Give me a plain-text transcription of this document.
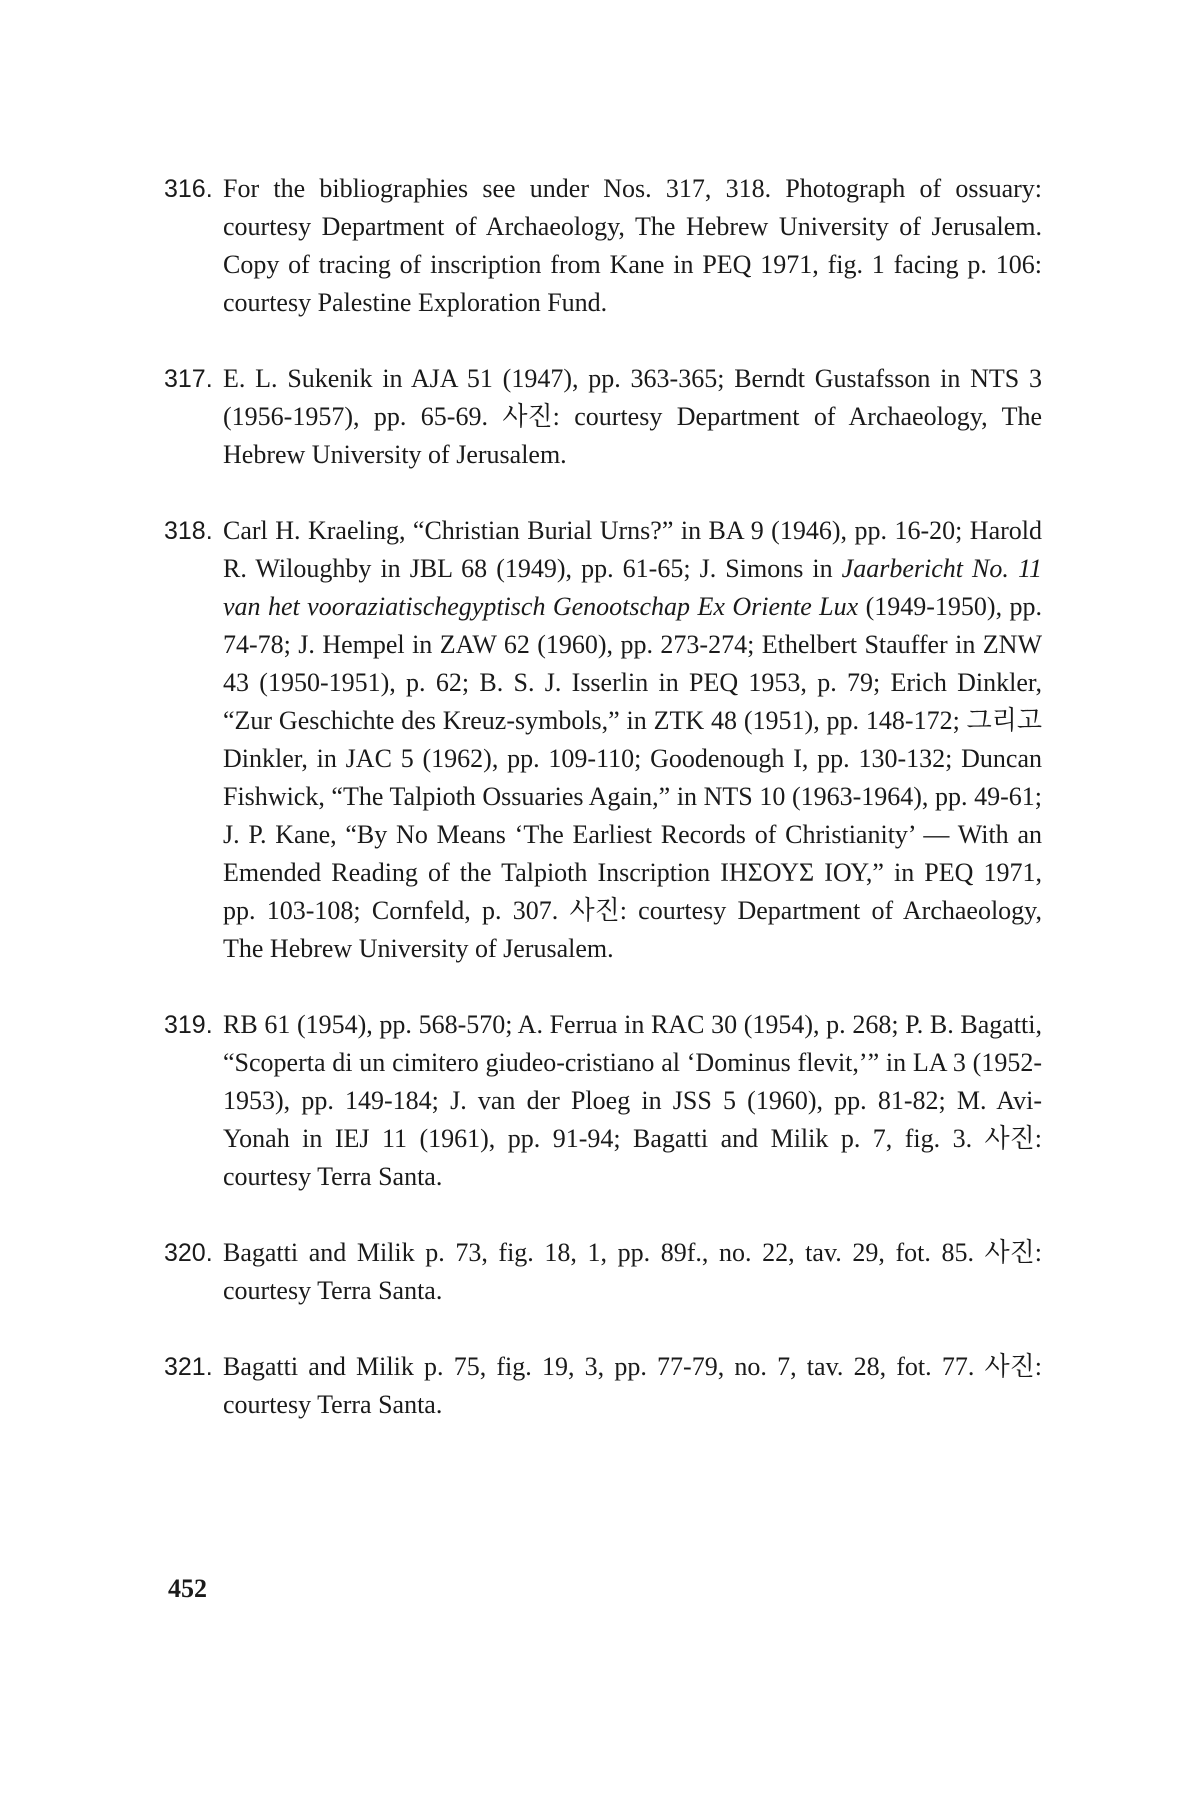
316. For the bibliographies see under Nos. 317, 318. Photograph of ossuary: courtesy Department of Archaeology, The Hebrew University of Jerusalem. Copy of tracing of inscription from Kane in PEQ 1971, fig. 1 facing p. 106: courtesy Palestine Exploration Fund.
317. E. L. Sukenik in AJA 51 (1947), pp. 363-365; Berndt Gustafsson in NTS 3 (1956-1957), pp. 65-69. 사진: courtesy Department of Archaeology, The Hebrew University of Jerusalem.
318. Carl H. Kraeling, “Christian Burial Urns?” in BA 9 (1946), pp. 16-20; Harold R. Wiloughby in JBL 68 (1949), pp. 61-65; J. Simons in Jaarbericht No. 11 van het vooraziatischegyptisch Genootschap Ex Oriente Lux (1949-1950), pp. 74-78; J. Hempel in ZAW 62 (1960), pp. 273-274; Ethelbert Stauffer in ZNW 43 (1950-1951), p. 62; B. S. J. Isserlin in PEQ 1953, p. 79; Erich Dinkler, “Zur Geschichte des Kreuz-symbols,” in ZTK 48 (1951), pp. 148-172; 그리고 Dinkler, in JAC 5 (1962), pp. 109-110; Goodenough I, pp. 130-132; Duncan Fishwick, “The Talpioth Ossuaries Again,” in NTS 10 (1963-1964), pp. 49-61; J. P. Kane, “By No Means ‘The Earliest Records of Christianity’ — With an Emended Reading of the Talpioth Inscription ΙΗΣΟΥΣ ΙΟΥ,” in PEQ 1971, pp. 103-108; Cornfeld, p. 307. 사진: courtesy Department of Archaeology, The Hebrew University of Jerusalem.
319. RB 61 (1954), pp. 568-570; A. Ferrua in RAC 30 (1954), p. 268; P. B. Bagatti, “Scoperta di un cimitero giudeo-cristiano al ‘Dominus flevit,’” in LA 3 (1952-1953), pp. 149-184; J. van der Ploeg in JSS 5 (1960), pp. 81-82; M. Avi-Yonah in IEJ 11 (1961), pp. 91-94; Bagatti and Milik p. 7, fig. 3. 사진: courtesy Terra Santa.
320. Bagatti and Milik p. 73, fig. 18, 1, pp. 89f., no. 22, tav. 29, fot. 85. 사진: courtesy Terra Santa.
321. Bagatti and Milik p. 75, fig. 19, 3, pp. 77-79, no. 7, tav. 28, fot. 77. 사진: courtesy Terra Santa.
452
